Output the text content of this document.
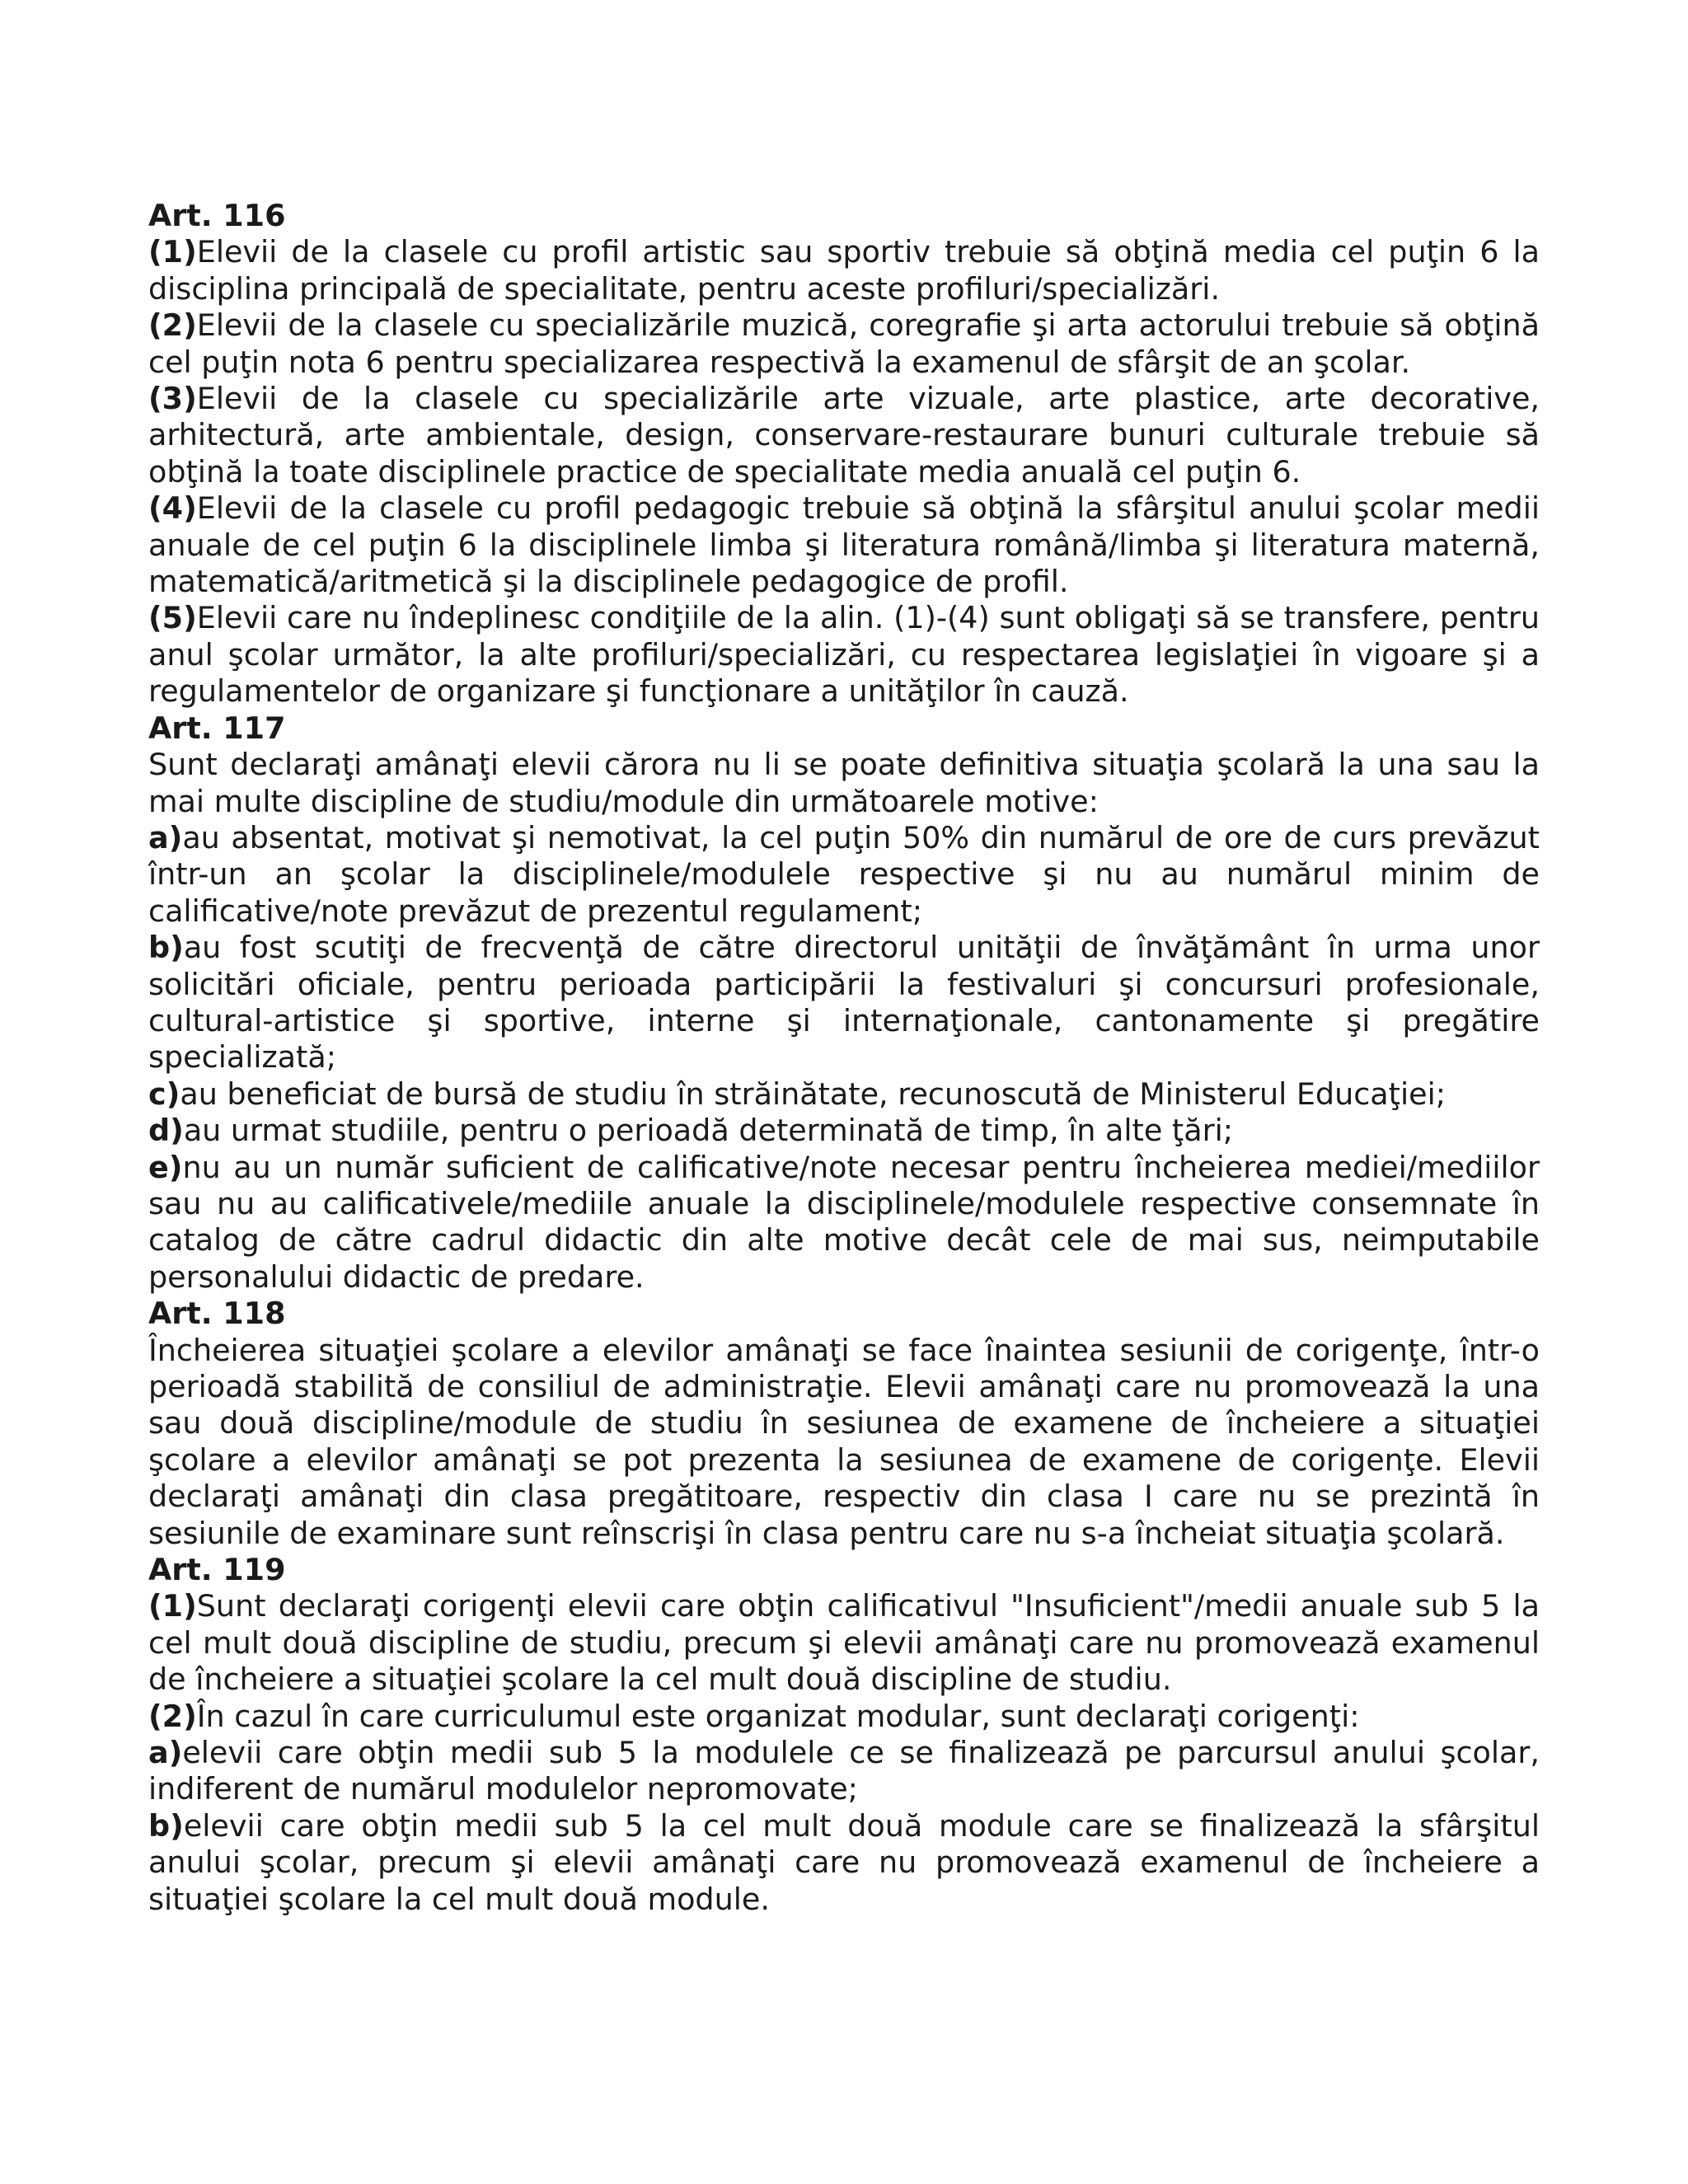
Art. 116

(1)Elevii de la clasele cu profil artistic sau sportiv trebuie să obţină media cel puţin 6 la disciplina principală de specialitate, pentru aceste profiluri/specializări.

(2)Elevii de la clasele cu specializările muzică, coregrafie şi arta actorului trebuie să obţină cel puţin nota 6 pentru specializarea respectivă la examenul de sfârşit de an şcolar.

(3)Elevii de la clasele cu specializările arte vizuale, arte plastice, arte decorative, arhitectură, arte ambientale, design, conservare-restaurare bunuri culturale trebuie să obţină la toate disciplinele practice de specialitate media anuală cel puţin 6.

(4)Elevii de la clasele cu profil pedagogic trebuie să obţină la sfârşitul anului şcolar medii anuale de cel puţin 6 la disciplinele limba şi literatura română/limba şi literatura maternă, matematică/aritmetică şi la disciplinele pedagogice de profil.

(5)Elevii care nu îndeplinesc condiţiile de la alin. (1)-(4) sunt obligaţi să se transfere, pentru anul şcolar următor, la alte profiluri/specializări, cu respectarea legislaţiei în vigoare şi a regulamentelor de organizare şi funcţionare a unităţilor în cauză.

Art. 117

Sunt declaraţi amânaţi elevii cărora nu li se poate definitiva situaţia şcolară la una sau la mai multe discipline de studiu/module din următoarele motive:

a)au absentat, motivat şi nemotivat, la cel puţin 50% din numărul de ore de curs prevăzut într-un an şcolar la disciplinele/modulele respective şi nu au numărul minim de calificative/note prevăzut de prezentul regulament;

b)au fost scutiţi de frecvenţă de către directorul unităţii de învăţământ în urma unor solicitări oficiale, pentru perioada participării la festivaluri şi concursuri profesionale, cultural-artistice şi sportive, interne şi internaţionale, cantonamente şi pregătire specializată;

c)au beneficiat de bursă de studiu în străinătate, recunoscută de Ministerul Educaţiei;

d)au urmat studiile, pentru o perioadă determinată de timp, în alte ţări;

e)nu au un număr suficient de calificative/note necesar pentru încheierea mediei/mediilor sau nu au calificativele/mediile anuale la disciplinele/modulele respective consemnate în catalog de către cadrul didactic din alte motive decât cele de mai sus, neimputabile personalului didactic de predare.

Art. 118

Încheierea situaţiei şcolare a elevilor amânaţi se face înaintea sesiunii de corigenţe, într-o perioadă stabilită de consiliul de administraţie. Elevii amânaţi care nu promovează la una sau două discipline/module de studiu în sesiunea de examene de încheiere a situaţiei şcolare a elevilor amânaţi se pot prezenta la sesiunea de examene de corigenţe. Elevii declaraţi amânaţi din clasa pregătitoare, respectiv din clasa I care nu se prezintă în sesiunile de examinare sunt reînscrişi în clasa pentru care nu s-a încheiat situaţia şcolară.

Art. 119

(1)Sunt declaraţi corigenţi elevii care obţin calificativul "Insuficient"/medii anuale sub 5 la cel mult două discipline de studiu, precum şi elevii amânaţi care nu promovează examenul de încheiere a situaţiei şcolare la cel mult două discipline de studiu.

(2)În cazul în care curriculumul este organizat modular, sunt declaraţi corigenţi:

a)elevii care obţin medii sub 5 la modulele ce se finalizează pe parcursul anului şcolar, indiferent de numărul modulelor nepromovate;

b)elevii care obţin medii sub 5 la cel mult două module care se finalizează la sfârşitul anului şcolar, precum şi elevii amânaţi care nu promovează examenul de încheiere a situaţiei şcolare la cel mult două module.
